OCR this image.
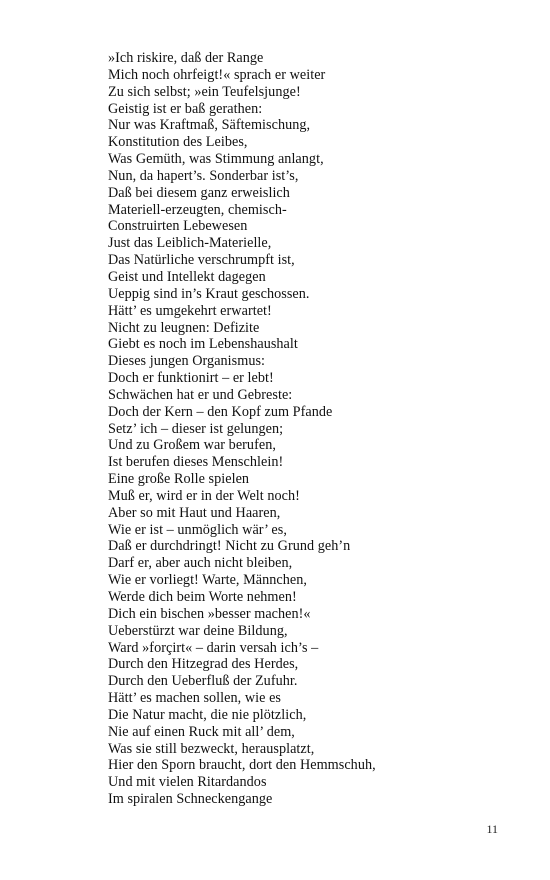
»Ich riskire, daß der Range
Mich noch ohrfeigt!« sprach er weiter
Zu sich selbst; »ein Teufelsjunge!
Geistig ist er baß gerathen:
Nur was Kraftmaß, Säftemischung,
Konstitution des Leibes,
Was Gemüth, was Stimmung anlangt,
Nun, da hapert’s. Sonderbar ist’s,
Daß bei diesem ganz erweislich
Materiell-erzeugten, chemisch-
Construirten Lebewesen
Just das Leiblich-Materielle,
Das Natürliche verschrumpft ist,
Geist und Intellekt dagegen
Ueppig sind in’s Kraut geschossen.
Hätt’ es umgekehrt erwartet!
Nicht zu leugnen: Defizite
Giebt es noch im Lebenshaushalt
Dieses jungen Organismus:
Doch er funktionirt – er lebt!
Schwächen hat er und Gebreste:
Doch der Kern – den Kopf zum Pfande
Setz’ ich – dieser ist gelungen;
Und zu Großem war berufen,
Ist berufen dieses Menschlein!
Eine große Rolle spielen
Muß er, wird er in der Welt noch!
Aber so mit Haut und Haaren,
Wie er ist – unmöglich wär’ es,
Daß er durchdringt! Nicht zu Grund geh’n
Darf er, aber auch nicht bleiben,
Wie er vorliegt! Warte, Männchen,
Werde dich beim Worte nehmen!
Dich ein bischen »besser machen!«
Ueberstürzt war deine Bildung,
Ward »forçirt« – darin versah ich’s –
Durch den Hitzegrad des Herdes,
Durch den Ueberfluß der Zufuhr.
Hätt’ es machen sollen, wie es
Die Natur macht, die nie plötzlich,
Nie auf einen Ruck mit all’ dem,
Was sie still bezweckt, herausplatzt,
Hier den Sporn braucht, dort den Hemmschuh,
Und mit vielen Ritardandos
Im spiralen Schneckengange
11
